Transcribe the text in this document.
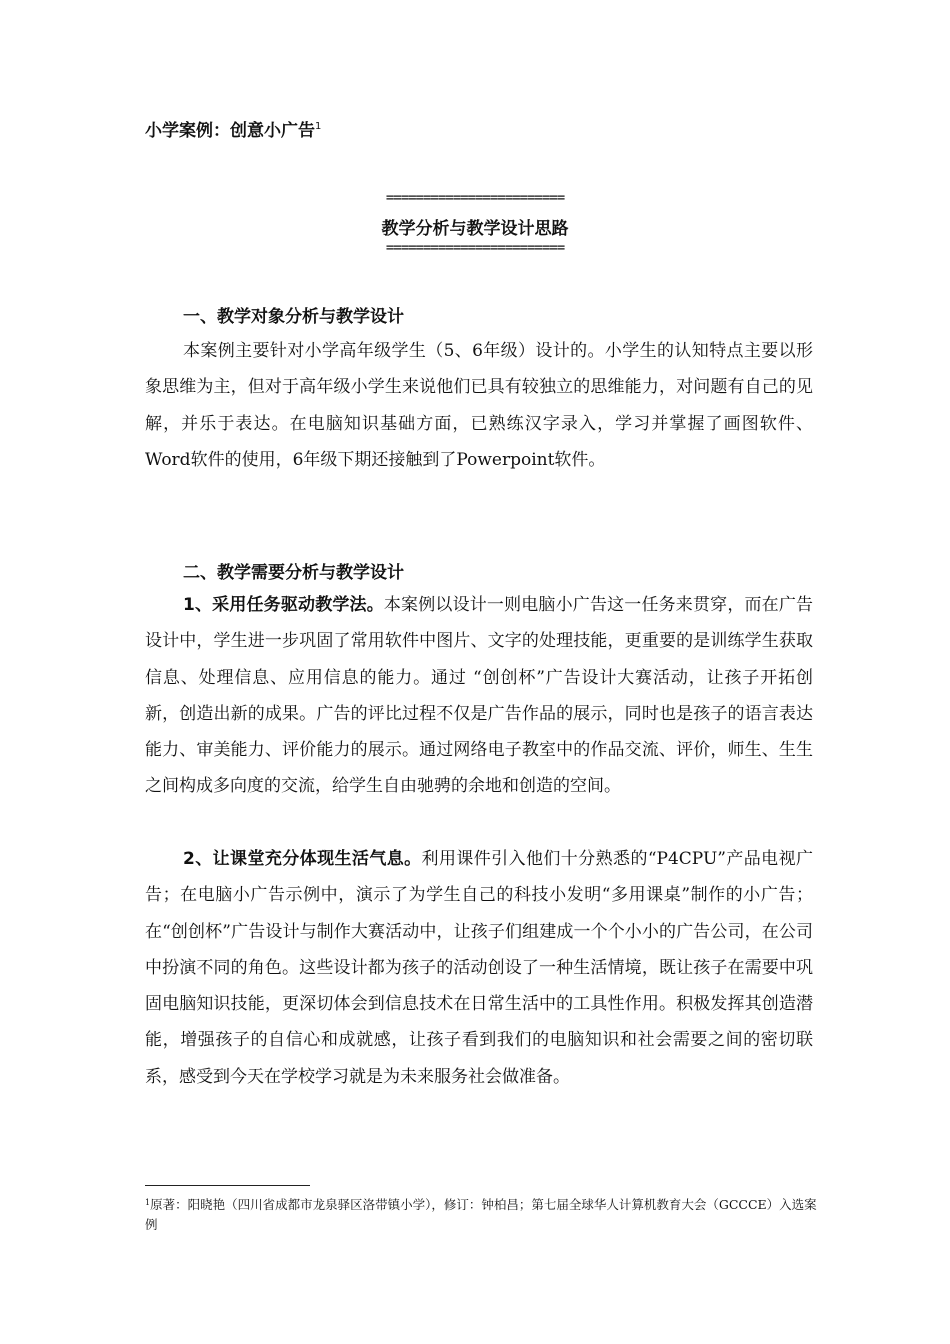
小学案例：创意小广告$^1$
========================
教学分析与教学设计思路
========================
一、教学对象分析与教学设计
本案例主要针对小学高年级学生（5、6年级）设计的。小学生的认知特点主要以形象思维为主，但对于高年级小学生来说他们已具有较独立的思维能力，对问题有自己的见解，并乐于表达。在电脑知识基础方面，已熟练汉字录入，学习并掌握了画图软件、Word软件的使用，6年级下期还接触到了Powerpoint软件。
二、教学需要分析与教学设计
1、采用任务驱动教学法。本案例以设计一则电脑小广告这一任务来贯穿，而在广告设计中，学生进一步巩固了常用软件中图片、文字的处理技能，更重要的是训练学生获取信息、处理信息、应用信息的能力。通过 “创创杯”广告设计大赛活动，让孩子开拓创新，创造出新的成果。广告的评比过程不仅是广告作品的展示，同时也是孩子的语言表达能力、审美能力、评价能力的展示。通过网络电子教室中的作品交流、评价，师生、生生之间构成多向度的交流，给学生自由驰骋的余地和创造的空间。
2、让课堂充分体现生活气息。利用课件引入他们十分熟悉的“P4CPU”产品电视广告；在电脑小广告示例中，演示了为学生自己的科技小发明“多用课桌”制作的小广告；在“创创杯”广告设计与制作大赛活动中，让孩子们组建成一个个小小的广告公司，在公司中扮演不同的角色。这些设计都为孩子的活动创设了一种生活情境，既让孩子在需要中巩固电脑知识技能，更深切体会到信息技术在日常生活中的工具性作用。积极发挥其创造潜能，增强孩子的自信心和成就感，让孩子看到我们的电脑知识和社会需要之间的密切联系，感受到今天在学校学习就是为未来服务社会做准备。
$^1$原著：阳晓艳（四川省成都市龙泉驿区洛带镇小学），修订：钟柏昌；第七届全球华人计算机教育大会（GCCCE）入选案例
